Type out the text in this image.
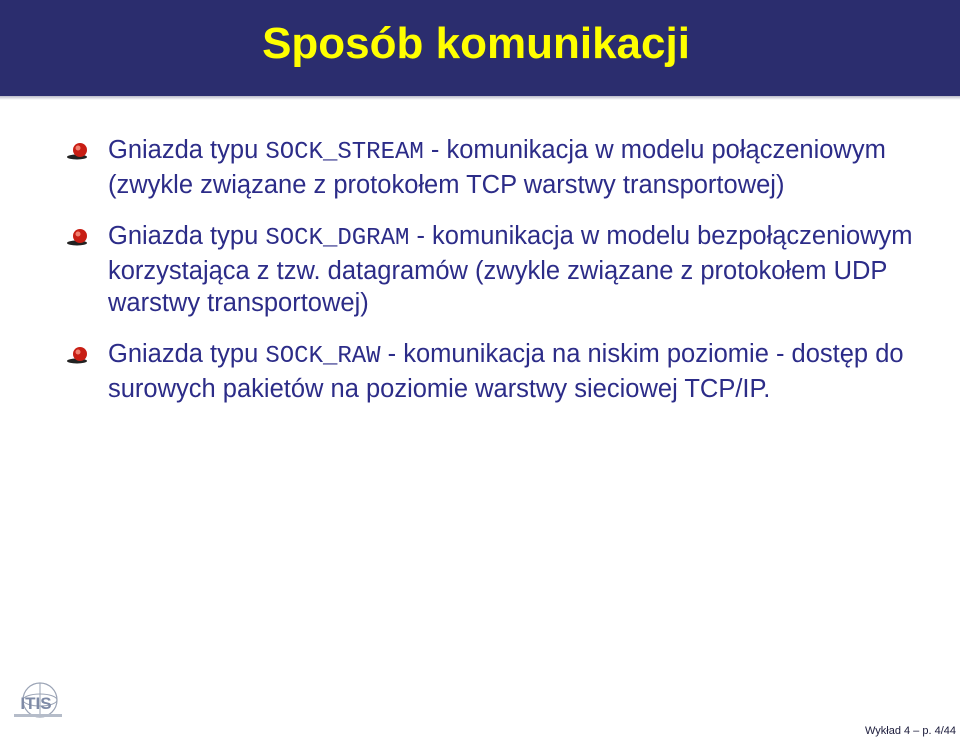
Sposób komunikacji
Gniazda typu SOCK_STREAM - komunikacja w modelu połączeniowym (zwykle związane z protokołem TCP warstwy transportowej)
Gniazda typu SOCK_DGRAM - komunikacja w modelu bezpołączeniowym korzystająca z tzw. datagramów (zwykle związane z protokołem UDP warstwy transportowej)
Gniazda typu SOCK_RAW - komunikacja na niskim poziomie - dostęp do surowych pakietów na poziomie warstwy sieciowej TCP/IP.
ITIS
Wykład 4 – p. 4/44
